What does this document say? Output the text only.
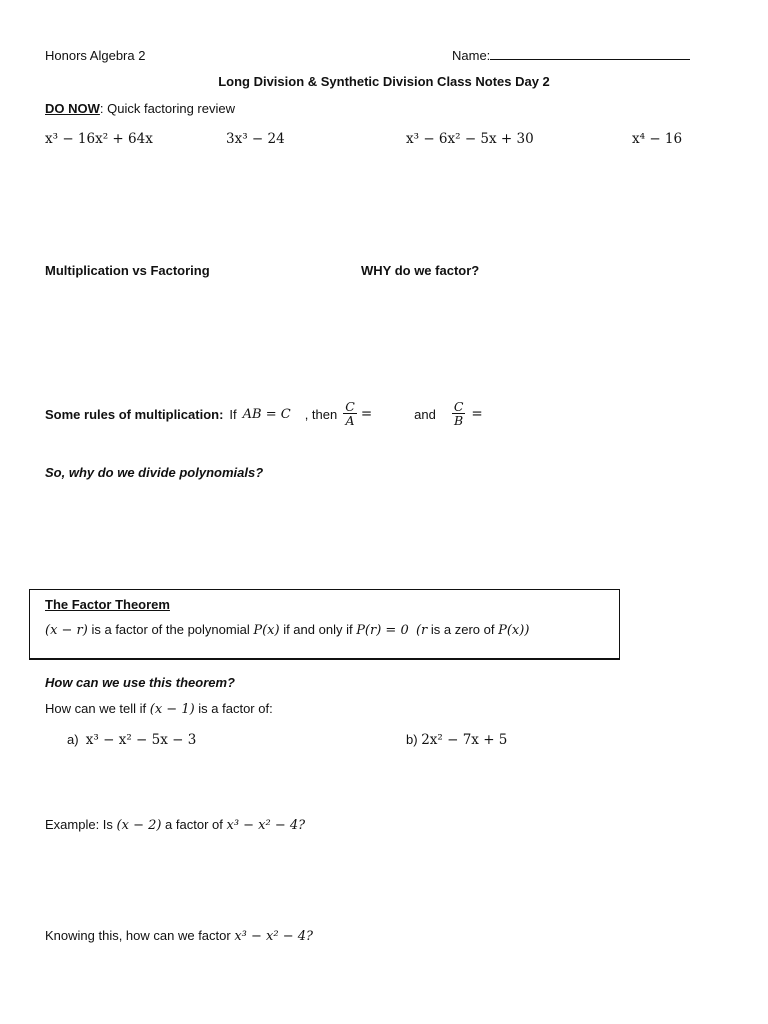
Honors Algebra 2	Name:
Long Division & Synthetic Division Class Notes Day 2
DO NOW: Quick factoring review
x³ − 16x² + 64x	3x³ − 24	x³ − 6x² − 5x + 30	x⁴ − 16
Multiplication vs Factoring	WHY do we factor?
Some rules of multiplication: If AB = C , then $\frac{C}{A}$ =	and $\frac{C}{B}$ =
So, why do we divide polynomials?
The Factor Theorem
(x − r) is a factor of the polynomial P(x) if and only if P(r) = 0 (r is a zero of P(x))
How can we use this theorem?
How can we tell if (x − 1) is a factor of:
a) x³ − x² − 5x − 3	b) 2x² − 7x + 5
Example: Is (x − 2) a factor of x³ − x² − 4?
Knowing this, how can we factor x³ − x² − 4?
